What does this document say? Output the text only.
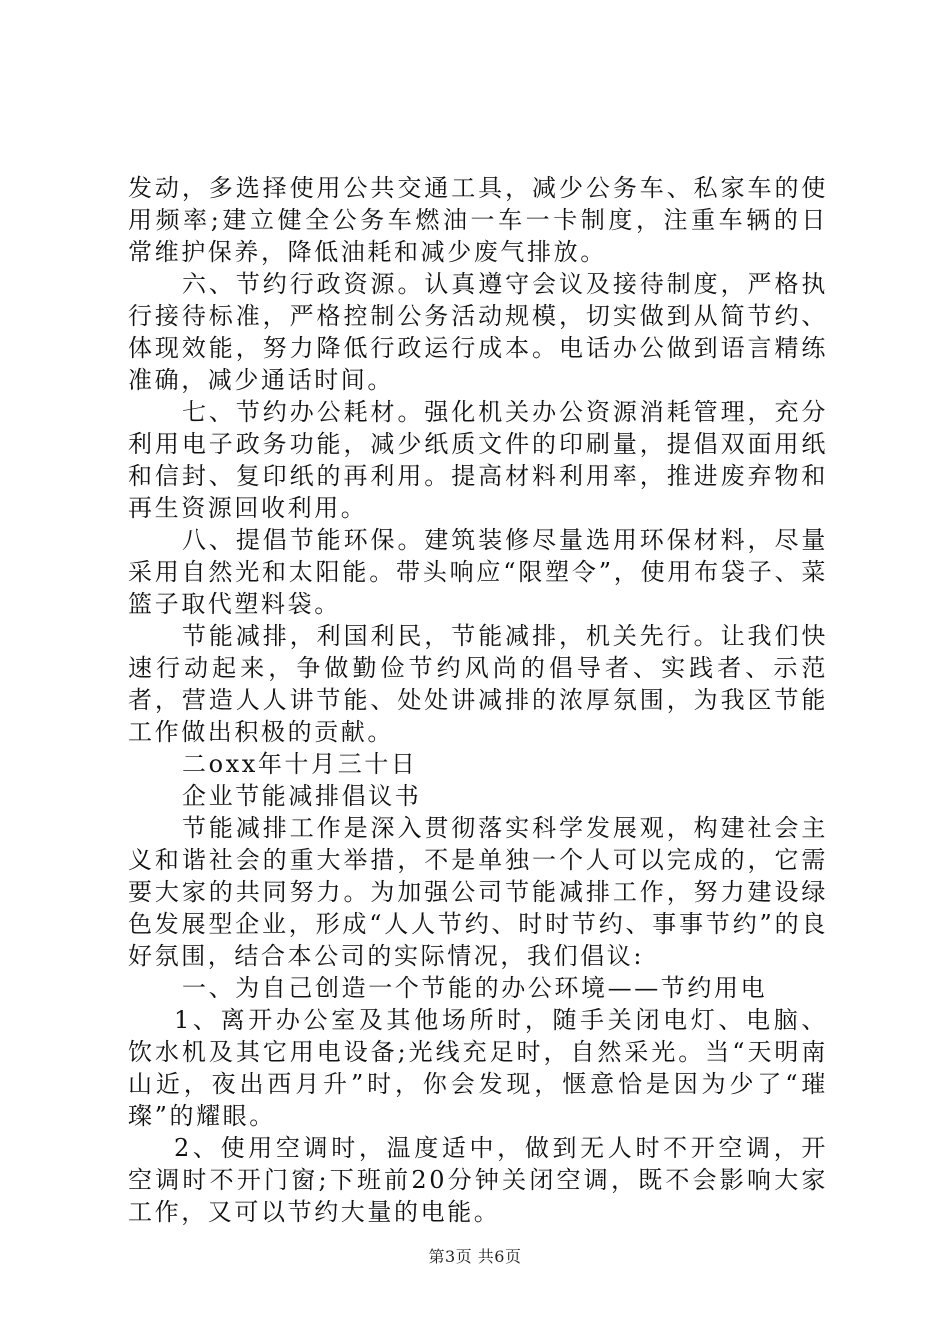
发动，多选择使用公共交通工具，减少公务车、私家车的使用频率;建立健全公务车燃油一车一卡制度，注重车辆的日常维护保养，降低油耗和减少废气排放。

六、节约行政资源。认真遵守会议及接待制度，严格执行接待标准，严格控制公务活动规模，切实做到从简节约、体现效能，努力降低行政运行成本。电话办公做到语言精练准确，减少通话时间。

七、节约办公耗材。强化机关办公资源消耗管理，充分利用电子政务功能，减少纸质文件的印刷量，提倡双面用纸和信封、复印纸的再利用。提高材料利用率，推进废弃物和再生资源回收利用。

八、提倡节能环保。建筑装修尽量选用环保材料，尽量采用自然光和太阳能。带头响应“限塑令”，使用布袋子、菜篮子取代塑料袋。

节能减排，利国利民，节能减排，机关先行。让我们快速行动起来，争做勤俭节约风尚的倡导者、实践者、示范者，营造人人讲节能、处处讲减排的浓厚氛围，为我区节能工作做出积极的贡献。

二oxx年十月三十日

企业节能减排倡议书

节能减排工作是深入贯彻落实科学发展观，构建社会主义和谐社会的重大举措，不是单独一个人可以完成的，它需要大家的共同努力。为加强公司节能减排工作，努力建设绿色发展型企业，形成“人人节约、时时节约、事事节约”的良好氛围，结合本公司的实际情况，我们倡议:

一、为自己创造一个节能的办公环境——节约用电

1、离开办公室及其他场所时，随手关闭电灯、电脑、饮水机及其它用电设备;光线充足时，自然采光。当“天明南山近，夜出西月升”时，你会发现，惬意恰是因为少了“璀璨”的耀眼。

2、使用空调时，温度适中，做到无人时不开空调，开空调时不开门窗;下班前20分钟关闭空调，既不会影响大家工作，又可以节约大量的电能。

第3页 共6页
